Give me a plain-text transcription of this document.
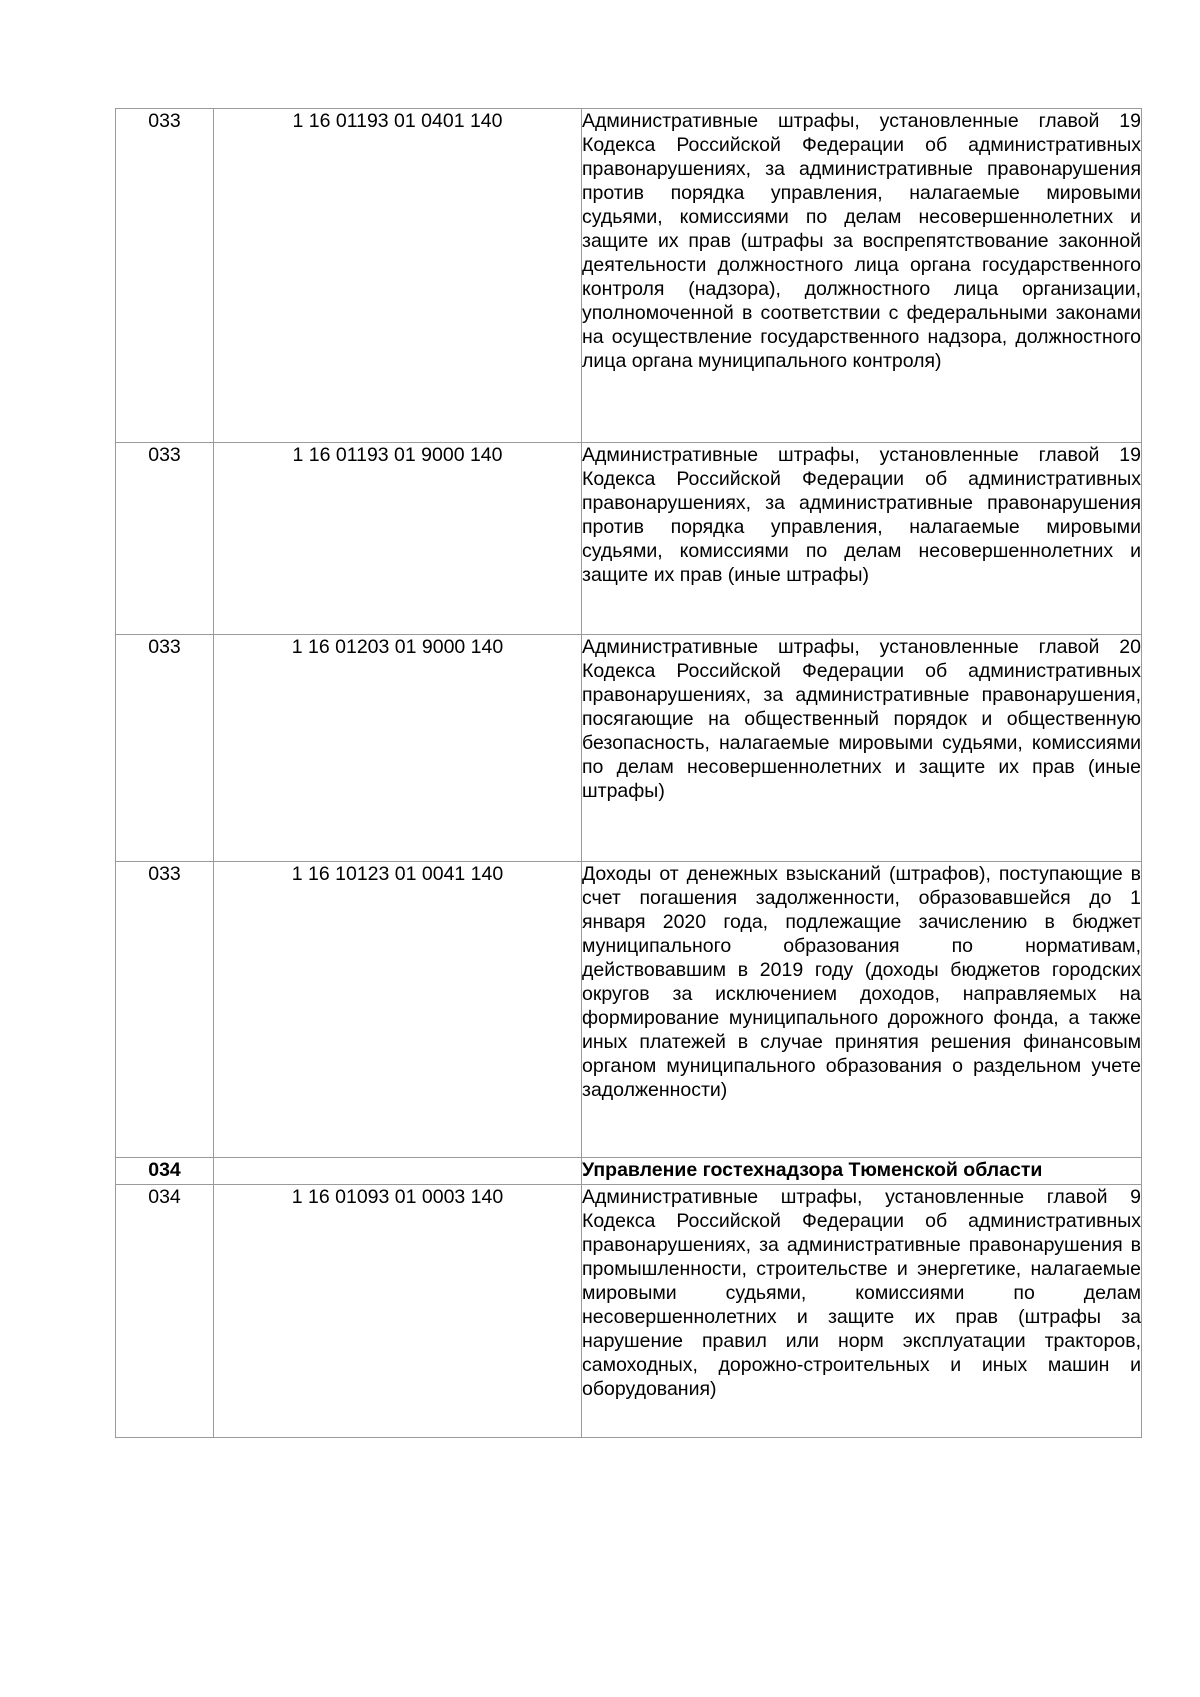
033	1 16 01193 01 0401 140	Административные штрафы, установленные главой 19 Кодекса Российской Федерации об административных правонарушениях, за административные правонарушения против порядка управления, налагаемые мировыми судьями, комиссиями по делам несовершеннолетних и защите их прав (штрафы за воспрепятствование законной деятельности должностного лица органа государственного контроля (надзора), должностного лица организации, уполномоченной в соответствии с федеральными законами на осуществление государственного надзора, должностного лица органа муниципального контроля)
033	1 16 01193 01 9000 140	Административные штрафы, установленные главой 19 Кодекса Российской Федерации об административных правонарушениях, за административные правонарушения против порядка управления, налагаемые мировыми судьями, комиссиями по делам несовершеннолетних и защите их прав (иные штрафы)
033	1 16 01203 01 9000 140	Административные штрафы, установленные главой 20 Кодекса Российской Федерации об административных правонарушениях, за административные правонарушения, посягающие на общественный порядок и общественную безопасность, налагаемые мировыми судьями, комиссиями по делам несовершеннолетних и защите их прав (иные штрафы)
033	1 16 10123 01 0041 140	Доходы от денежных взысканий (штрафов), поступающие в счет погашения задолженности, образовавшейся до 1 января 2020 года, подлежащие зачислению в бюджет муниципального образования по нормативам, действовавшим в 2019 году (доходы бюджетов городских округов за исключением доходов, направляемых на формирование муниципального дорожного фонда, а также иных платежей в случае принятия решения финансовым органом муниципального образования о раздельном учете задолженности)
034		Управление гостехнадзора Тюменской области
034	1 16 01093 01 0003 140	Административные штрафы, установленные главой 9 Кодекса Российской Федерации об административных правонарушениях, за административные правонарушения в промышленности, строительстве и энергетике, налагаемые мировыми судьями, комиссиями по делам несовершеннолетних и защите их прав (штрафы за нарушение правил или норм эксплуатации тракторов, самоходных, дорожно-строительных и иных машин и оборудования)
